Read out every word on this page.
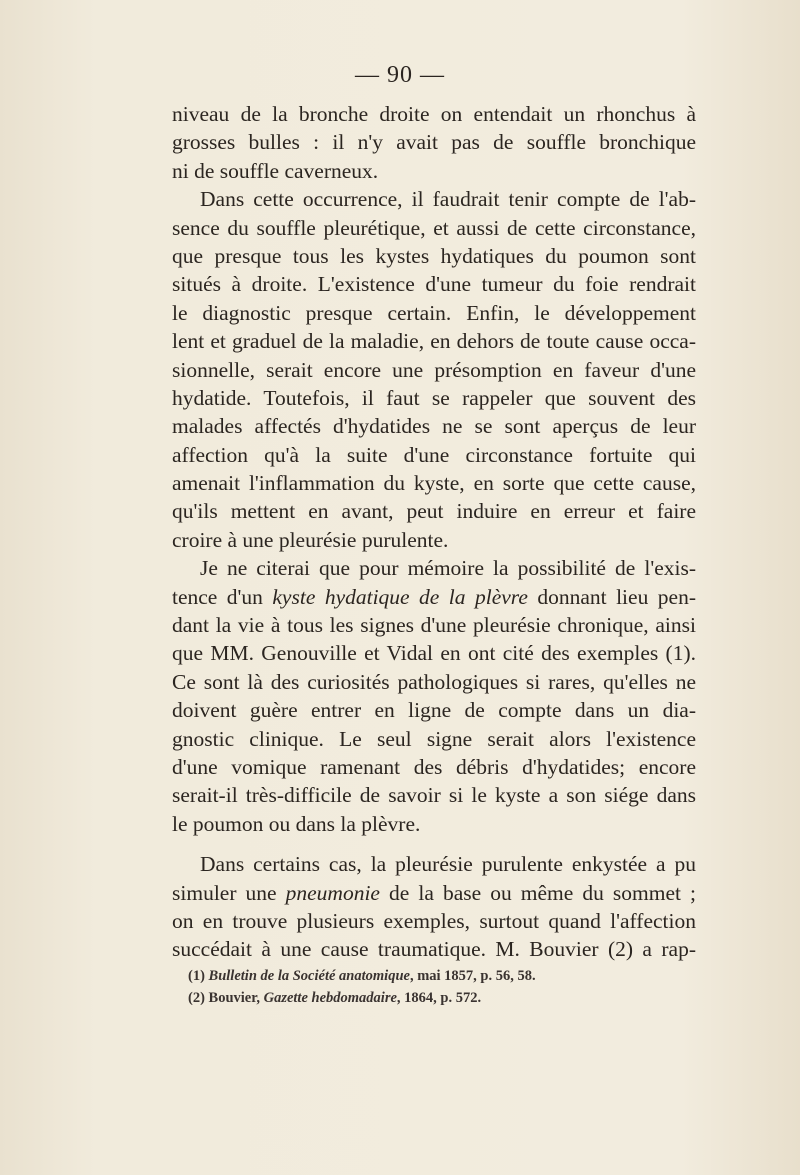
— 90 —
niveau de la bronche droite on entendait un rhonchus à
grosses bulles : il n'y avait pas de souffle bronchique
ni de souffle caverneux.
Dans cette occurrence, il faudrait tenir compte de l'ab-
sence du souffle pleurétique, et aussi de cette circonstance,
que presque tous les kystes hydatiques du poumon sont
situés à droite. L'existence d'une tumeur du foie rendrait
le diagnostic presque certain. Enfin, le développement
lent et graduel de la maladie, en dehors de toute cause occa-
sionnelle, serait encore une présomption en faveur d'une
hydatide. Toutefois, il faut se rappeler que souvent des
malades affectés d'hydatides ne se sont aperçus de leur
affection qu'à la suite d'une circonstance fortuite qui
amenait l'inflammation du kyste, en sorte que cette cause,
qu'ils mettent en avant, peut induire en erreur et faire
croire à une pleurésie purulente.
Je ne citerai que pour mémoire la possibilité de l'exis-
tence d'un kyste hydatique de la plèvre donnant lieu pen-
dant la vie à tous les signes d'une pleurésie chronique, ainsi
que MM. Genouville et Vidal en ont cité des exemples (1).
Ce sont là des curiosités pathologiques si rares, qu'elles ne
doivent guère entrer en ligne de compte dans un dia-
gnostic clinique. Le seul signe serait alors l'existence
d'une vomique ramenant des débris d'hydatides; encore
serait-il très-difficile de savoir si le kyste a son siége dans
le poumon ou dans la plèvre.
Dans certains cas, la pleurésie purulente enkystée a pu
simuler une pneumonie de la base ou même du sommet ;
on en trouve plusieurs exemples, surtout quand l'affection
succédait à une cause traumatique. M. Bouvier (2) a rap-
(1) Bulletin de la Société anatomique, mai 1857, p. 56, 58.
(2) Bouvier, Gazette hebdomadaire, 1864, p. 572.
